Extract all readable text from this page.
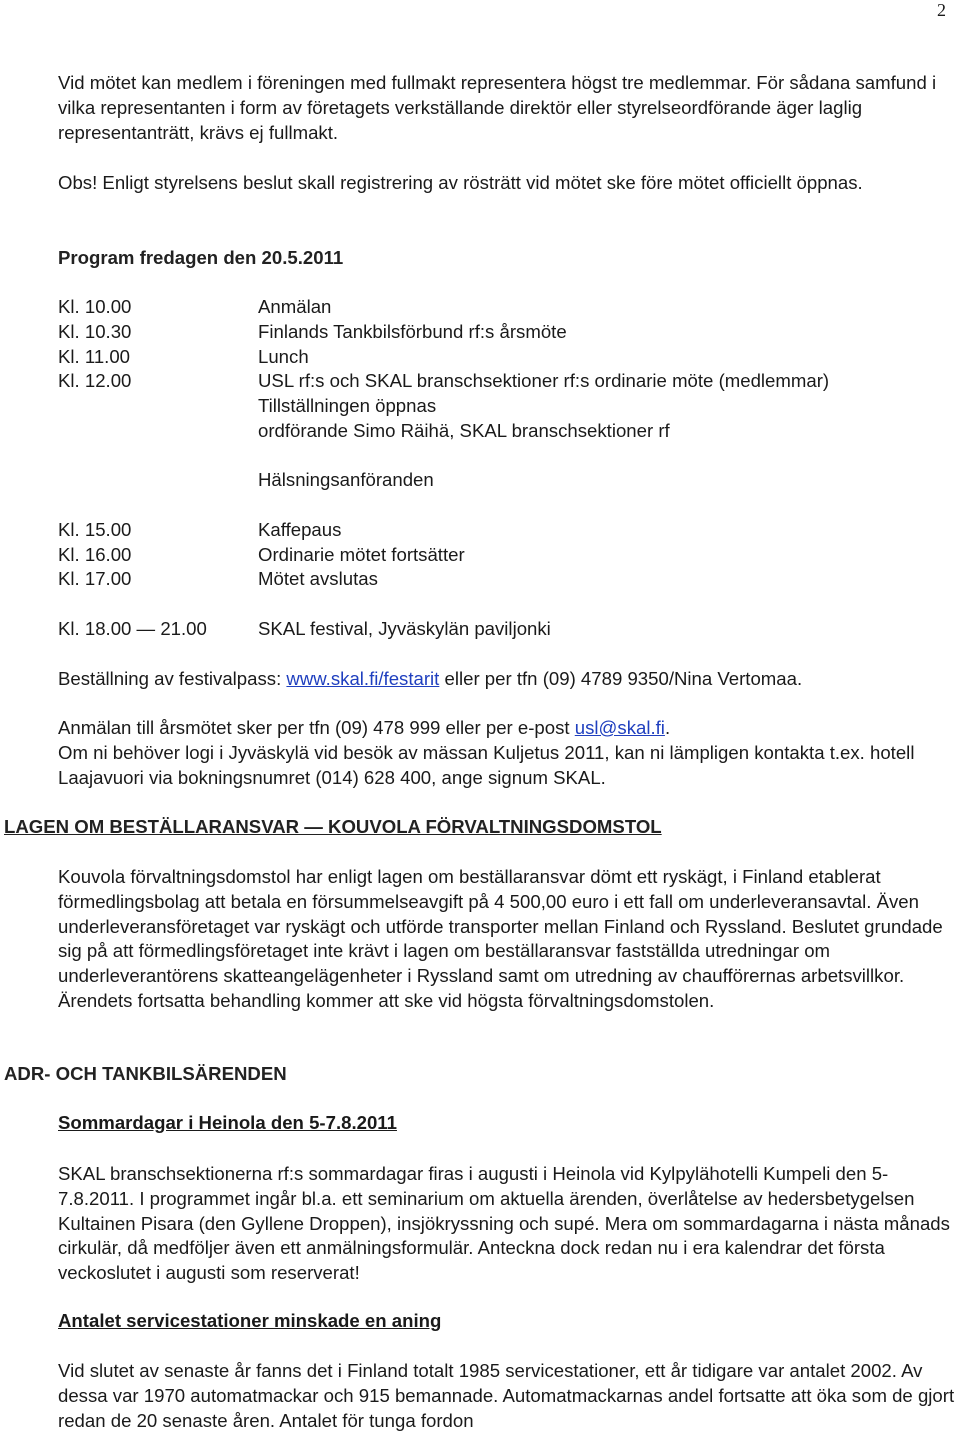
2

Vid mötet kan medlem i föreningen med fullmakt representera högst tre medlemmar. För sådana samfund i vilka representanten i form av företagets verkställande direktör eller styrelseordförande äger laglig representanträtt, krävs ej fullmakt.

Obs! Enligt styrelsens beslut skall registrering av rösträtt vid mötet ske före mötet officiellt öppnas.

Program fredagen den 20.5.2011

Kl. 10.00	Anmälan
Kl. 10.30	Finlands Tankbilsförbund rf:s årsmöte
Kl. 11.00	Lunch
Kl. 12.00	USL rf:s och SKAL branschsektioner rf:s ordinarie möte (medlemmar)
Tillställningen öppnas
ordförande Simo Räihä, SKAL branschsektioner rf
Hälsningsanföranden
Kl. 15.00	Kaffepaus
Kl. 16.00	Ordinarie mötet fortsätter
Kl. 17.00	Mötet avslutas
Kl. 18.00 — 21.00	SKAL festival, Jyväskylän paviljonki

Beställning av festivalpass: www.skal.fi/festarit eller per tfn (09) 4789 9350/Nina Vertomaa.

Anmälan till årsmötet sker per tfn (09) 478 999 eller per e-post usl@skal.fi.

Om ni behöver logi i Jyväskylä vid besök av mässan Kuljetus 2011, kan ni lämpligen kontakta t.ex. hotell Laajavuori via bokningsnumret (014) 628 400, ange signum SKAL.

LAGEN OM BESTÄLLARANSVAR — KOUVOLA FÖRVALTNINGSDOMSTOL

Kouvola förvaltningsdomstol har enligt lagen om beställaransvar dömt ett ryskägt, i Finland etablerat förmedlingsbolag att betala en försummelseavgift på 4 500,00 euro i ett fall om underleveransavtal. Även underleveransföretaget var ryskägt och utförde transporter mellan Finland och Ryssland. Beslutet grundade sig på att förmedlingsföretaget inte krävt i lagen om beställaransvar fastställda utredningar om underleverantörens skatteangelägenheter i Ryssland samt om utredning av chaufförernas arbetsvillkor. Ärendets fortsatta behandling kommer att ske vid högsta förvaltningsdomstolen.

ADR- OCH TANKBILSÄRENDEN
Sommardagar i Heinola den 5-7.8.2011

SKAL branschsektionerna rf:s sommardagar firas i augusti i Heinola vid Kylpylähotelli Kumpeli den 5-7.8.2011. I programmet ingår bl.a. ett seminarium om aktuella ärenden, överlåtelse av hedersbetygelsen Kultainen Pisara (den Gyllene Droppen), insjökryssning och supé. Mera om sommardagarna i nästa månads cirkulär, då medföljer även ett anmälningsformulär. Anteckna dock redan nu i era kalendrar det första veckoslutet i augusti som reserverat!

Antalet servicestationer minskade en aning

Vid slutet av senaste år fanns det i Finland totalt 1985 servicestationer, ett år tidigare var antalet 2002. Av dessa var 1970 automatmackar och 915 bemannade. Automatmackarnas andel fortsatte att öka som de gjort redan de 20 senaste åren. Antalet för tunga fordon
